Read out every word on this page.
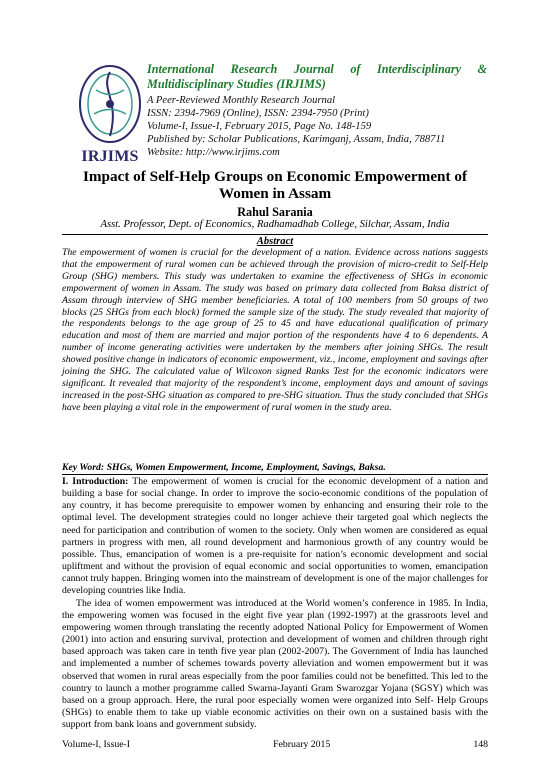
IRJIMS
International Research Journal of Interdisciplinary & Multidisciplinary Studies (IRJIMS)
A Peer-Reviewed Monthly Research Journal
ISSN: 2394-7969 (Online), ISSN: 2394-7950 (Print)
Volume-I, Issue-I, February 2015, Page No. 148-159
Published by: Scholar Publications, Karimganj, Assam, India, 788711
Website: http://www.irjims.com
Impact of Self-Help Groups on Economic Empowerment of Women in Assam
Rahul Sarania
Asst. Professor, Dept. of Economics, Radhamadhab College, Silchar, Assam, India
Abstract
The empowerment of women is crucial for the development of a nation. Evidence across nations suggests that the empowerment of rural women can be achieved through the provision of micro-credit to Self-Help Group (SHG) members. This study was undertaken to examine the effectiveness of SHGs in economic empowerment of women in Assam. The study was based on primary data collected from Baksa district of Assam through interview of SHG member beneficiaries. A total of 100 members from 50 groups of two blocks (25 SHGs from each block) formed the sample size of the study. The study revealed that majority of the respondents belongs to the age group of 25 to 45 and have educational qualification of primary education and most of them are married and major portion of the respondents have 4 to 6 dependents. A number of income generating activities were undertaken by the members after joining SHGs. The result showed positive change in indicators of economic empowerment, viz., income, employment and savings after joining the SHG. The calculated value of Wilcoxon signed Ranks Test for the economic indicators were significant. It revealed that majority of the respondent’s income, employment days and amount of savings increased in the post-SHG situation as compared to pre-SHG situation. Thus the study concluded that SHGs have been playing a vital role in the empowerment of rural women in the study area.
Key Word: SHGs, Women Empowerment, Income, Employment, Savings, Baksa.

I. Introduction: The empowerment of women is crucial for the economic development of a nation and building a base for social change. In order to improve the socio-economic conditions of the population of any country, it has become prerequisite to empower women by enhancing and ensuring their role to the optimal level. The development strategies could no longer achieve their targeted goal which neglects the need for participation and contribution of women to the society. Only when women are considered as equal partners in progress with men, all round development and harmonious growth of any country would be possible. Thus, emancipation of women is a pre-requisite for nation’s economic development and social upliftment and without the provision of equal economic and social opportunities to women, emancipation cannot truly happen. Bringing women into the mainstream of development is one of the major challenges for developing countries like India.

The idea of women empowerment was introduced at the World women’s conference in 1985. In India, the empowering women was focused in the eight five year plan (1992-1997) at the grassroots level and empowering women through translating the recently adopted National Policy for Empowerment of Women (2001) into action and ensuring survival, protection and development of women and children through right based approach was taken care in tenth five year plan (2002-2007). The Government of India has launched and implemented a number of schemes towards poverty alleviation and women empowerment but it was observed that women in rural areas especially from the poor families could not be benefitted. This led to the country to launch a mother programme called Swarna-Jayanti Gram Swarozgar Yojana (SGSY) which was based on a group approach. Here, the rural poor especially women were organized into Self- Help Groups (SHGs) to enable them to take up viable economic activities on their own on a sustained basis with the support from bank loans and government subsidy.

Volume-I, Issue-I	February 2015	148
